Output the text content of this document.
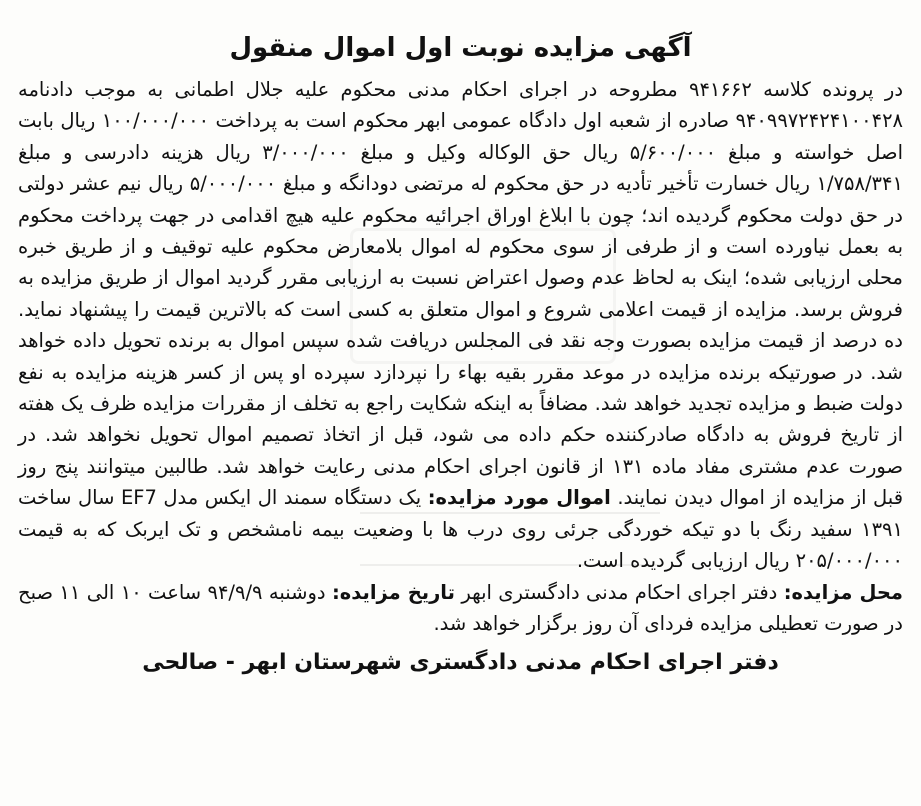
آگهی مزایده نوبت اول اموال منقول

در پرونده کلاسه ۹۴۱۶۶۲ مطروحه در اجرای احکام مدنی محکوم علیه جلال اطمانی به موجب دادنامه ۹۴۰۹۹۷۲۴۲۴۱۰۰۴۲۸ صادره از شعبه اول دادگاه عمومی ابهر محکوم است به پرداخت ۱۰۰/۰۰۰/۰۰۰ ریال بابت اصل خواسته و مبلغ ۵/۶۰۰/۰۰۰ ریال حق الوکاله وکیل و مبلغ ۳/۰۰۰/۰۰۰ ریال هزینه دادرسی و مبلغ ۱/۷۵۸/۳۴۱ ریال خسارت تأخیر تأدیه در حق محکوم له مرتضی دودانگه و مبلغ ۵/۰۰۰/۰۰۰ ریال نیم عشر دولتی در حق دولت محکوم گردیده اند؛ چون با ابلاغ اوراق اجرائیه محکوم علیه هیچ اقدامی در جهت پرداخت محکوم به بعمل نیاورده است و از طرفی از سوی محکوم له اموال بلامعارض محکوم علیه توقیف و از طریق خبره محلی ارزیابی شده؛ اینک به لحاظ عدم وصول اعتراض نسبت به ارزیابی مقرر گردید اموال از طریق مزایده به فروش برسد. مزایده از قیمت اعلامی شروع و اموال متعلق به کسی است که بالاترین قیمت را پیشنهاد نماید. ده درصد از قیمت مزایده بصورت وجه نقد فی المجلس دریافت شده سپس اموال به برنده تحویل داده خواهد شد. در صورتیکه برنده مزایده در موعد مقرر بقیه بهاء را نپردازد سپرده او پس از کسر هزینه مزایده به نفع دولت ضبط و مزایده تجدید خواهد شد. مضافاً به اینکه شکایت راجع به تخلف از مقررات مزایده ظرف یک هفته از تاریخ فروش به دادگاه صادرکننده حکم داده می شود، قبل از اتخاذ تصمیم اموال تحویل نخواهد شد. در صورت عدم مشتری مفاد ماده ۱۳۱ از قانون اجرای احکام مدنی رعایت خواهد شد. طالبین میتوانند پنج روز قبل از مزایده از اموال دیدن نمایند. اموال مورد مزایده: یک دستگاه سمند ال ایکس مدل EF7 سال ساخت ۱۳۹۱ سفید رنگ با دو تیکه خوردگی جرئی روی درب ها با وضعیت بیمه نامشخص و تک ایربک که به قیمت ۲۰۵/۰۰۰/۰۰۰ ریال ارزیابی گردیده است.
محل مزایده: دفتر اجرای احکام مدنی دادگستری ابهر تاریخ مزایده: دوشنبه ۹۴/۹/۹ ساعت ۱۰ الی ۱۱ صبح در صورت تعطیلی مزایده فردای آن روز برگزار خواهد شد.

دفتر اجرای احکام مدنی دادگستری شهرستان ابهر - صالحی
